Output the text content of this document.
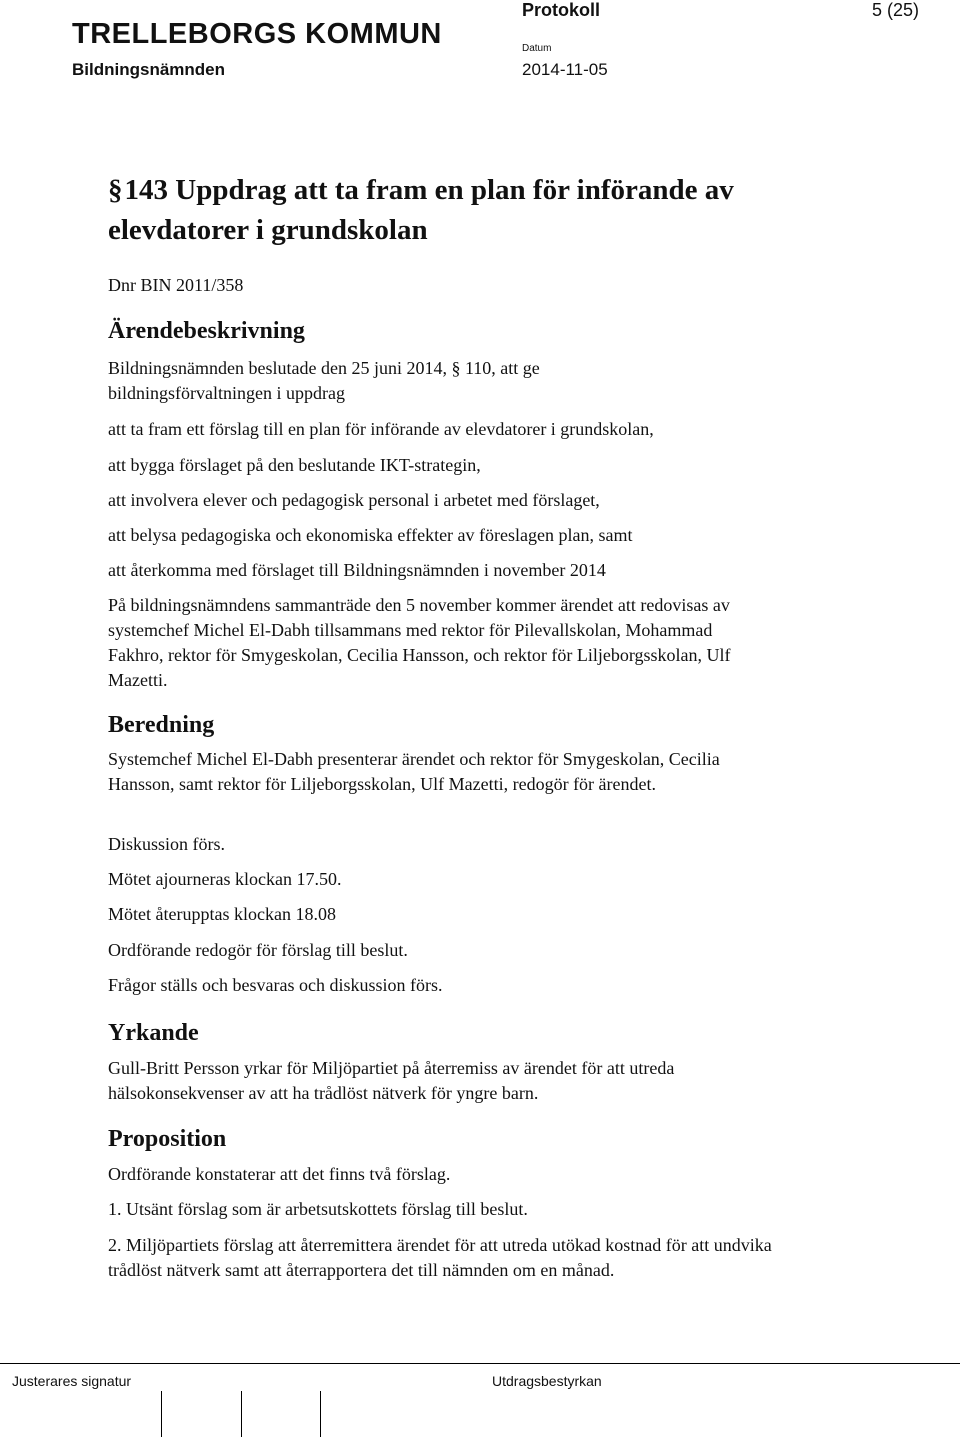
TRELLEBORGS KOMMUN
Bildningsnämnden
Protokoll
Datum
2014-11-05
5 (25)
§143 Uppdrag att ta fram en plan för införande av elevdatorer i grundskolan
Dnr BIN 2011/358
Ärendebeskrivning
Bildningsnämnden beslutade den 25 juni 2014, § 110, att ge bildningsförvaltningen i uppdrag
att ta fram ett förslag till en plan för införande av elevdatorer i grundskolan,
att bygga förslaget på den beslutande IKT-strategin,
att involvera elever och pedagogisk personal i arbetet med förslaget,
att belysa pedagogiska och ekonomiska effekter av föreslagen plan, samt
att återkomma med förslaget till Bildningsnämnden i november 2014
På bildningsnämndens sammanträde den 5 november kommer ärendet att redovisas av systemchef Michel El-Dabh tillsammans med rektor för Pilevallskolan, Mohammad Fakhro, rektor för Smygeskolan, Cecilia Hansson, och rektor för Liljeborgsskolan, Ulf Mazetti.
Beredning
Systemchef Michel El-Dabh presenterar ärendet och rektor för Smygeskolan, Cecilia Hansson, samt rektor för Liljeborgsskolan, Ulf Mazetti, redogör för ärendet.
Diskussion förs.
Mötet ajourneras klockan 17.50.
Mötet återupptas klockan 18.08
Ordförande redogör för förslag till beslut.
Frågor ställs och besvaras och diskussion förs.
Yrkande
Gull-Britt Persson yrkar för Miljöpartiet på återremiss av ärendet för att utreda hälsokonsekvenser av att ha trådlöst nätverk för yngre barn.
Proposition
Ordförande konstaterar att det finns två förslag.
1. Utsänt förslag som är arbetsutskottets förslag till beslut.
2. Miljöpartiets förslag att återremittera ärendet för att utreda utökad kostnad för att undvika trådlöst nätverk samt att återrapportera det till nämnden om en månad.
Justerares signatur	Utdragsbestyrkan
